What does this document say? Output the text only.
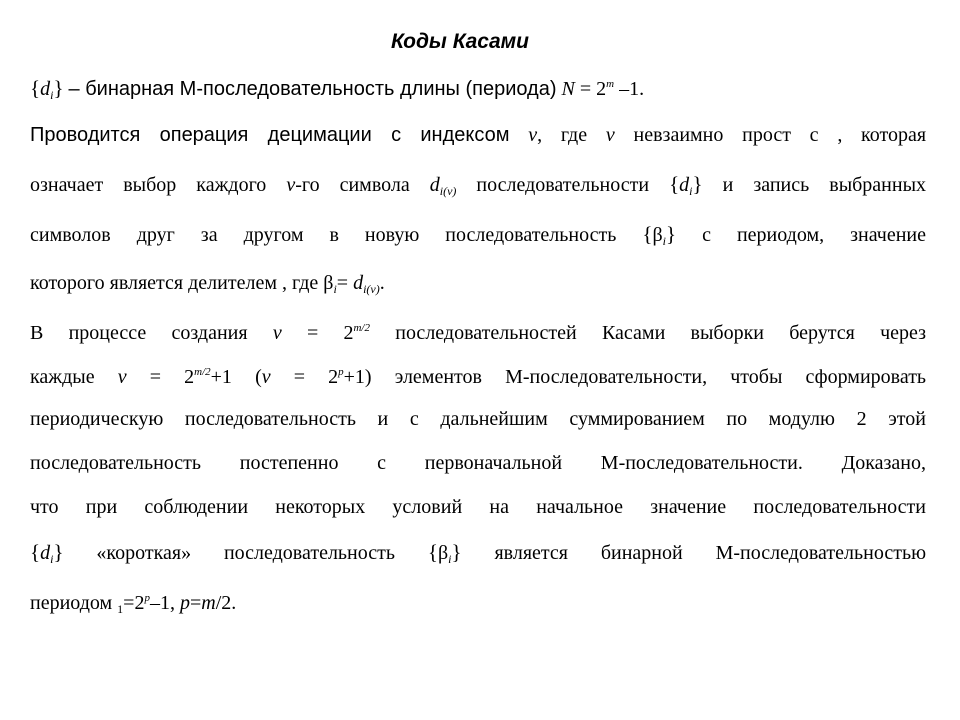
Коды Касами
$\{d_i\}$ – бинарная М-последовательность длины (периода) $N = 2^m$ –1.
Проводится операция децимации с индексом v, где v невзаимно прост с , которая
означает выбор каждого v-го символа $d_{i(v)}$ последовательности $\{d_i\}$ и запись выбранных
символов друг за другом в новую последовательность $\{\beta_i\}$ с периодом, значение
которого является делителем , где $\beta_i= d_{i(v)}$.
В процессе создания $v = 2^{m/2}$ последовательностей Касами выборки берутся через
каждые $v = 2^{m/2}+1$ $(v = 2^p+1)$ элементов М-последовательности, чтобы сформировать
периодическую последовательность и с дальнейшим суммированием по модулю 2 этой
последовательность постепенно с первоначальной М-последовательности. Доказано,
что при соблюдении некоторых условий на начальное значение последовательности
$\{d_i\}$ «короткая» последовательность $\{\beta_i\}$ является бинарной М-последовательностью
периодом $_1=2^p-1$, p=m/2.
